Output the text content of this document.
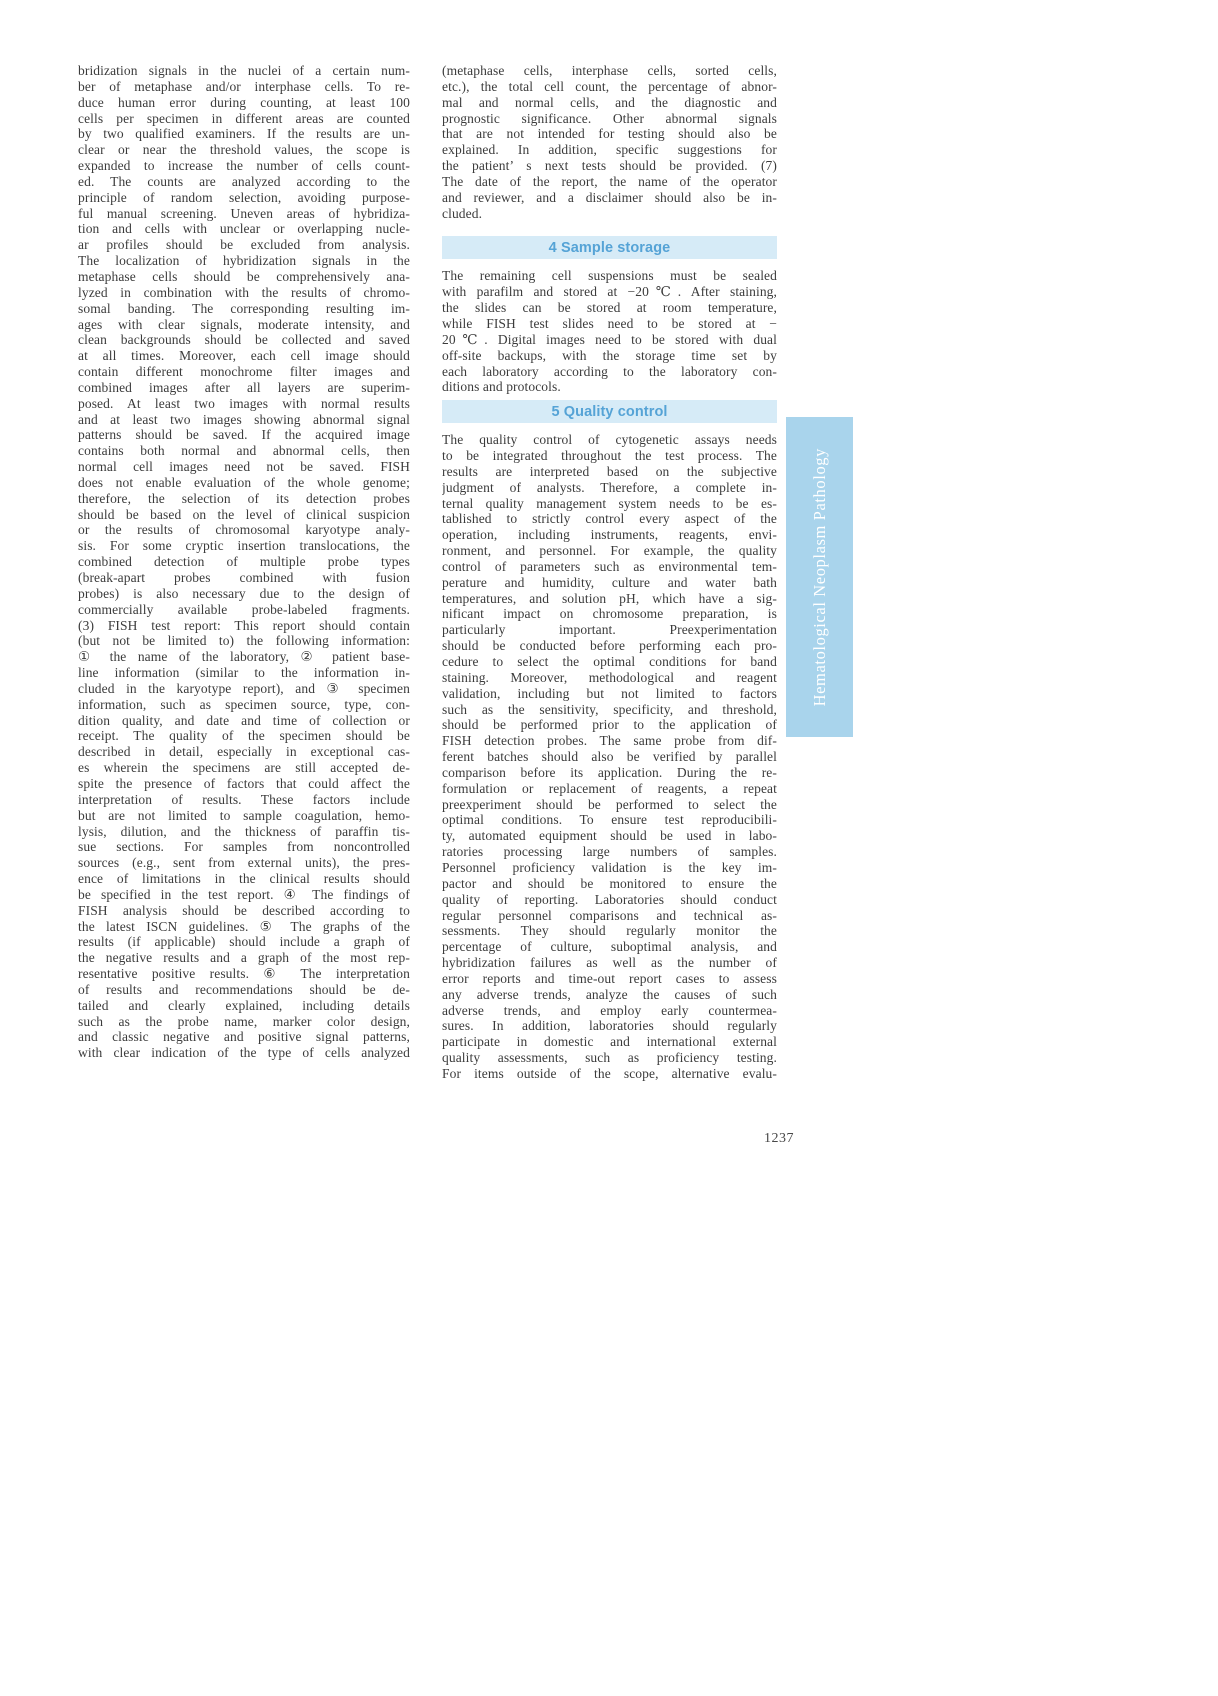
bridization signals in the nuclei of a certain num-
ber of metaphase and/or interphase cells. To re-
duce human error during counting, at least 100
cells per specimen in different areas are counted
by two qualified examiners. If the results are un-
clear or near the threshold values, the scope is
expanded to increase the number of cells count-
ed. The counts are analyzed according to the
principle of random selection, avoiding purpose-
ful manual screening. Uneven areas of hybridiza-
tion and cells with unclear or overlapping nucle-
ar profiles should be excluded from analysis.
The localization of hybridization signals in the
metaphase cells should be comprehensively ana-
lyzed in combination with the results of chromo-
somal banding. The corresponding resulting im-
ages with clear signals, moderate intensity, and
clean backgrounds should be collected and saved
at all times. Moreover, each cell image should
contain different monochrome filter images and
combined images after all layers are superim-
posed. At least two images with normal results
and at least two images showing abnormal signal
patterns should be saved. If the acquired image
contains both normal and abnormal cells, then
normal cell images need not be saved. FISH
does not enable evaluation of the whole genome;
therefore, the selection of its detection probes
should be based on the level of clinical suspicion
or the results of chromosomal karyotype analy-
sis. For some cryptic insertion translocations, the
combined detection of multiple probe types
(break-apart probes combined with fusion
probes) is also necessary due to the design of
commercially available probe-labeled fragments.
(3) FISH test report: This report should contain
(but not be limited to) the following information:
① the name of the laboratory, ② patient base-
line information (similar to the information in-
cluded in the karyotype report), and ③ specimen
information, such as specimen source, type, con-
dition quality, and date and time of collection or
receipt. The quality of the specimen should be
described in detail, especially in exceptional cas-
es wherein the specimens are still accepted de-
spite the presence of factors that could affect the
interpretation of results. These factors include
but are not limited to sample coagulation, hemo-
lysis, dilution, and the thickness of paraffin tis-
sue sections. For samples from noncontrolled
sources (e.g., sent from external units), the pres-
ence of limitations in the clinical results should
be specified in the test report. ④ The findings of
FISH analysis should be described according to
the latest ISCN guidelines. ⑤ The graphs of the
results (if applicable) should include a graph of
the negative results and a graph of the most rep-
resentative positive results. ⑥ The interpretation
of results and recommendations should be de-
tailed and clearly explained, including details
such as the probe name, marker color design,
and classic negative and positive signal patterns,
with clear indication of the type of cells analyzed
(metaphase cells, interphase cells, sorted cells,
etc.), the total cell count, the percentage of abnor-
mal and normal cells, and the diagnostic and
prognostic significance. Other abnormal signals
that are not intended for testing should also be
explained. In addition, specific suggestions for
the patient’ s next tests should be provided. (7)
The date of the report, the name of the operator
and reviewer, and a disclaimer should also be in-
cluded.
4 Sample storage
The remaining cell suspensions must be sealed
with parafilm and stored at −20℃. After staining,
the slides can be stored at room temperature,
while FISH test slides need to be stored at −
20℃. Digital images need to be stored with dual
off-site backups, with the storage time set by
each laboratory according to the laboratory con-
ditions and protocols.
5 Quality control
The quality control of cytogenetic assays needs
to be integrated throughout the test process. The
results are interpreted based on the subjective
judgment of analysts. Therefore, a complete in-
ternal quality management system needs to be es-
tablished to strictly control every aspect of the
operation, including instruments, reagents, envi-
ronment, and personnel. For example, the quality
control of parameters such as environmental tem-
perature and humidity, culture and water bath
temperatures, and solution pH, which have a sig-
nificant impact on chromosome preparation, is
particularly important. Preexperimentation
should be conducted before performing each pro-
cedure to select the optimal conditions for band
staining. Moreover, methodological and reagent
validation, including but not limited to factors
such as the sensitivity, specificity, and threshold,
should be performed prior to the application of
FISH detection probes. The same probe from dif-
ferent batches should also be verified by parallel
comparison before its application. During the re-
formulation or replacement of reagents, a repeat
preexperiment should be performed to select the
optimal conditions. To ensure test reproducibili-
ty, automated equipment should be used in labo-
ratories processing large numbers of samples.
Personnel proficiency validation is the key im-
pactor and should be monitored to ensure the
quality of reporting. Laboratories should conduct
regular personnel comparisons and technical as-
sessments. They should regularly monitor the
percentage of culture, suboptimal analysis, and
hybridization failures as well as the number of
error reports and time-out report cases to assess
any adverse trends, analyze the causes of such
adverse trends, and employ early countermea-
sures. In addition, laboratories should regularly
participate in domestic and international external
quality assessments, such as proficiency testing.
For items outside of the scope, alternative evalu-
Hematological Neoplasm Pathology
1237
